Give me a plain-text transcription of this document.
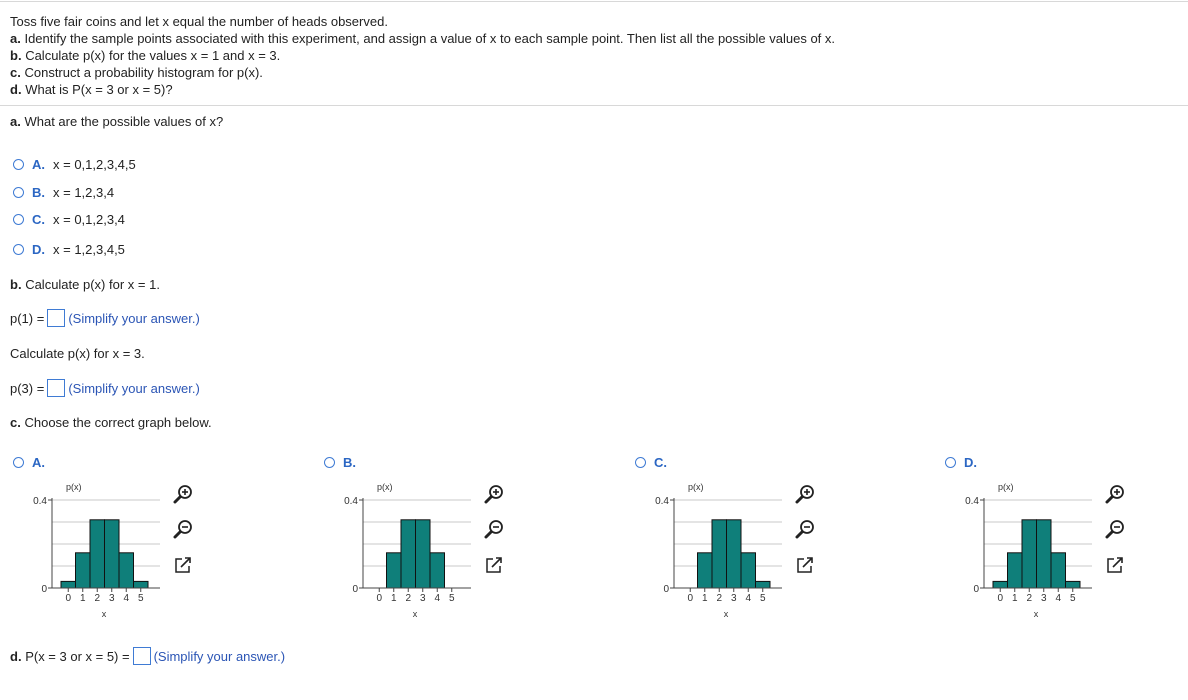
Toss five fair coins and let x equal the number of heads observed.
a. Identify the sample points associated with this experiment, and assign a value of x to each sample point. Then list all the possible values of x.
b. Calculate p(x) for the values x = 1 and x = 3.
c. Construct a probability histogram for p(x).
d. What is P(x = 3 or x = 5)?
a. What are the possible values of x?
A. x = 0,1,2,3,4,5
B. x = 1,2,3,4
C. x = 0,1,2,3,4
D. x = 1,2,3,4,5
b. Calculate p(x) for x = 1.
p(1) = (Simplify your answer.)
Calculate p(x) for x = 3.
p(3) = (Simplify your answer.)
c. Choose the correct graph below.
A.
0 1 2 3 4 5
0.4
0
p(x)
x
B.
0 1 2 3 4 5
0.4
0
p(x)
x
C.
0 1 2 3 4 5
0.4
0
p(x)
x
D.
0 1 2 3 4 5
0.4
0
p(x)
x
d.
P(x = 3 or x = 5) = (Simplify your answer.)
